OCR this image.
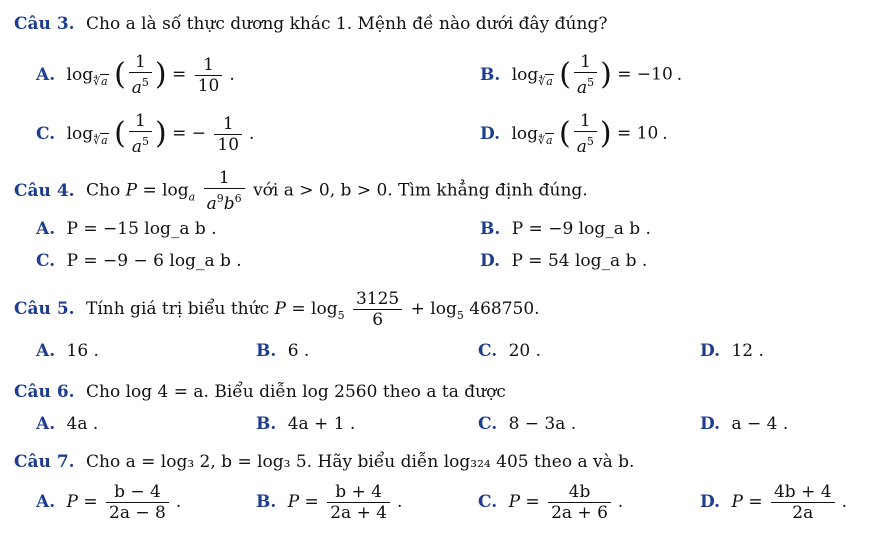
Câu 3. Cho a là số thực dương khác 1. Mệnh đề nào dưới đây đúng?
A. log∜a ( $\frac{1}{a^5}$ ) = $\frac{1}{10}$ .	B. log∜a ( $\frac{1}{a^5}$ ) = −10 .
C. log∜a ( $\frac{1}{a^5}$ ) = − $\frac{1}{10}$ .	D. log∜a ( $\frac{1}{a^5}$ ) = 10 .
Câu 4. Cho $P = \log_a \frac{1}{a^9b^6}$ với a > 0, b > 0. Tìm khẳng định đúng.
A. P = −15 log_a b .	B. P = −9 log_a b .
C. P = −9 − 6 log_a b .	D. P = 54 log_a b .
Câu 5. Tính giá trị biểu thức $P = \log_5 \frac{3125}{6} + \log_5 468750$.
A. 16 .	B. 6 .	C. 20 .	D. 12 .
Câu 6. Cho log 4 = a. Biểu diễn log 2560 theo a ta được
A. 4a .	B. 4a + 1 .	C. 8 − 3a .	D. a − 4 .
Câu 7. Cho a = log₃ 2, b = log₃ 5. Hãy biểu diễn log₃₂₄ 405 theo a và b.
A. $P = \frac{b - 4}{2a - 8}$ .	B. $P = \frac{b + 4}{2a + 4}$ .	C. $P = \frac{4b}{2a + 6}$ .	D. $P = \frac{4b + 4}{2a}$ .
